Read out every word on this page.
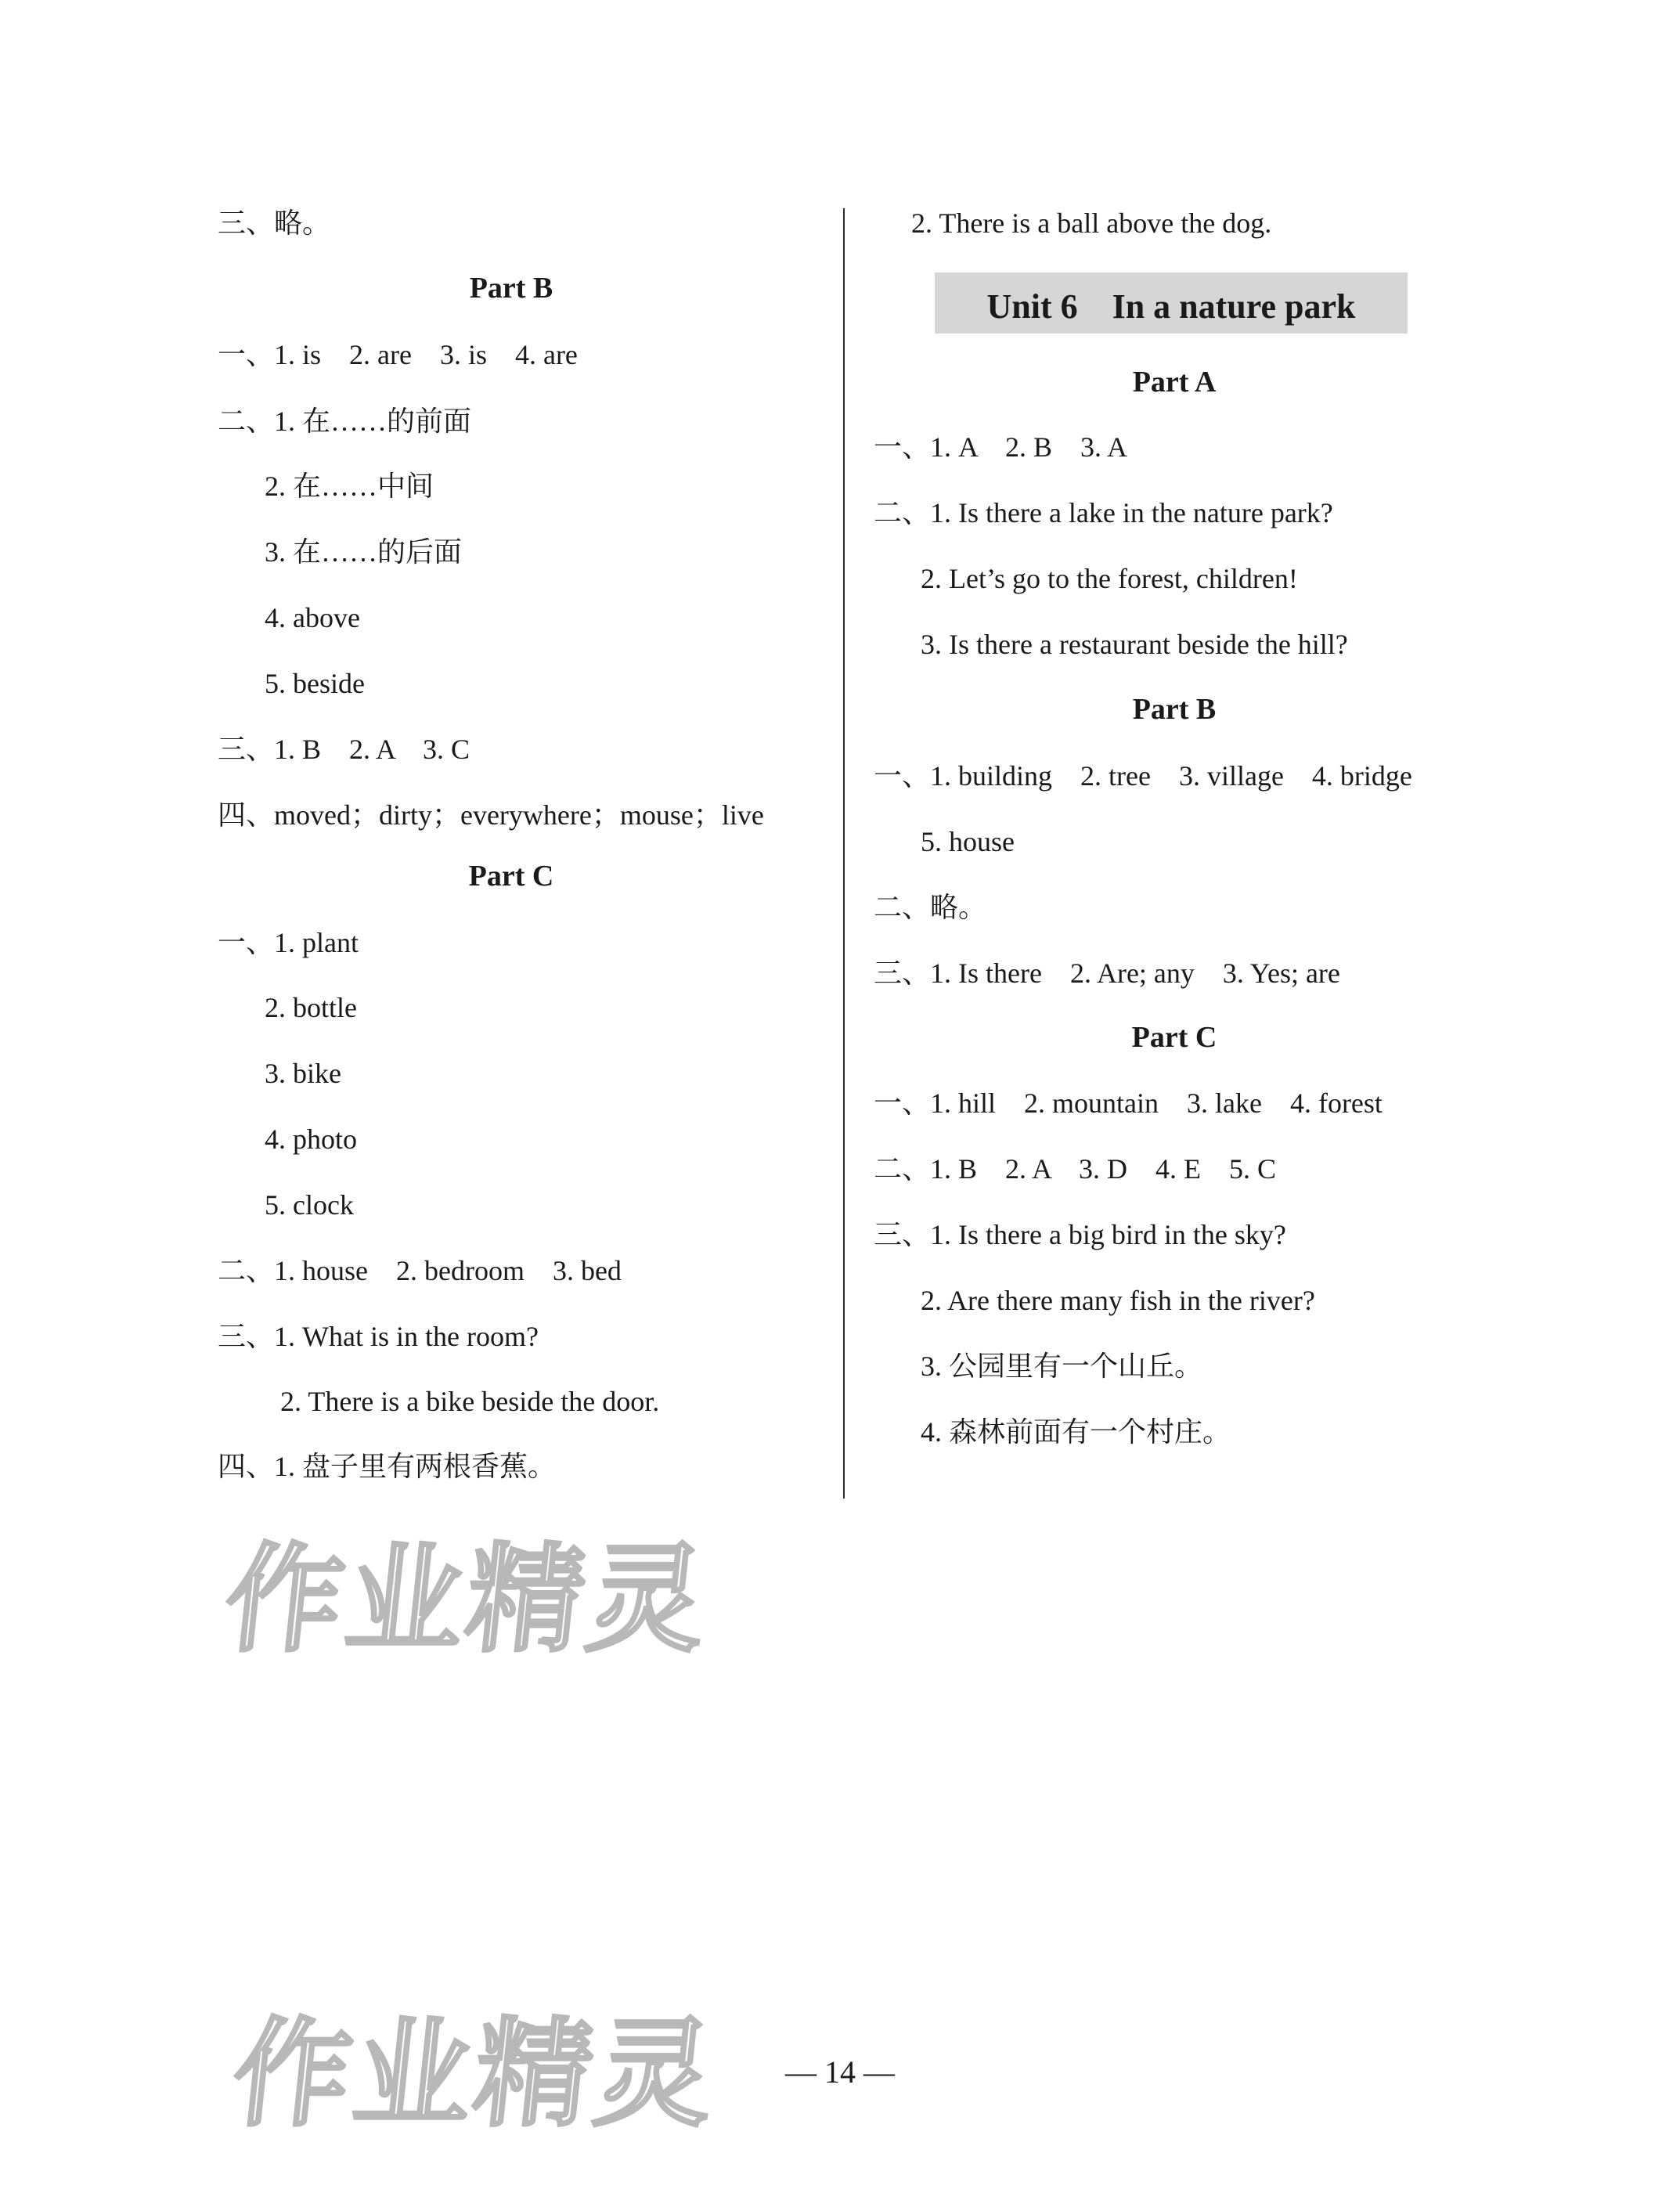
三、略。
Part B
一、1. is　2. are　3. is　4. are
二、1. 在……的前面
2. 在……中间
3. 在……的后面
4. above
5. beside
三、1. B　2. A　3. C
四、moved；dirty；everywhere；mouse；live
Part C
一、1. plant
2. bottle
3. bike
4. photo
5. clock
二、1. house　2. bedroom　3. bed
三、1. What is in the room?
2. There is a bike beside the door.
四、1. 盘子里有两根香蕉。
2. There is a ball above the dog.
Unit 6　In a nature park
Part A
一、1. A　2. B　3. A
二、1. Is there a lake in the nature park?
2. Let’s go to the forest, children!
3. Is there a restaurant beside the hill?
Part B
一、1. building　2. tree　3. village　4. bridge
5. house
二、略。
三、1. Is there　2. Are; any　3. Yes; are
Part C
一、1. hill　2. mountain　3. lake　4. forest
二、1. B　2. A　3. D　4. E　5. C
三、1. Is there a big bird in the sky?
2. Are there many fish in the river?
3. 公园里有一个山丘。
4. 森林前面有一个村庄。
作业精灵
作业精灵	— 14 —
